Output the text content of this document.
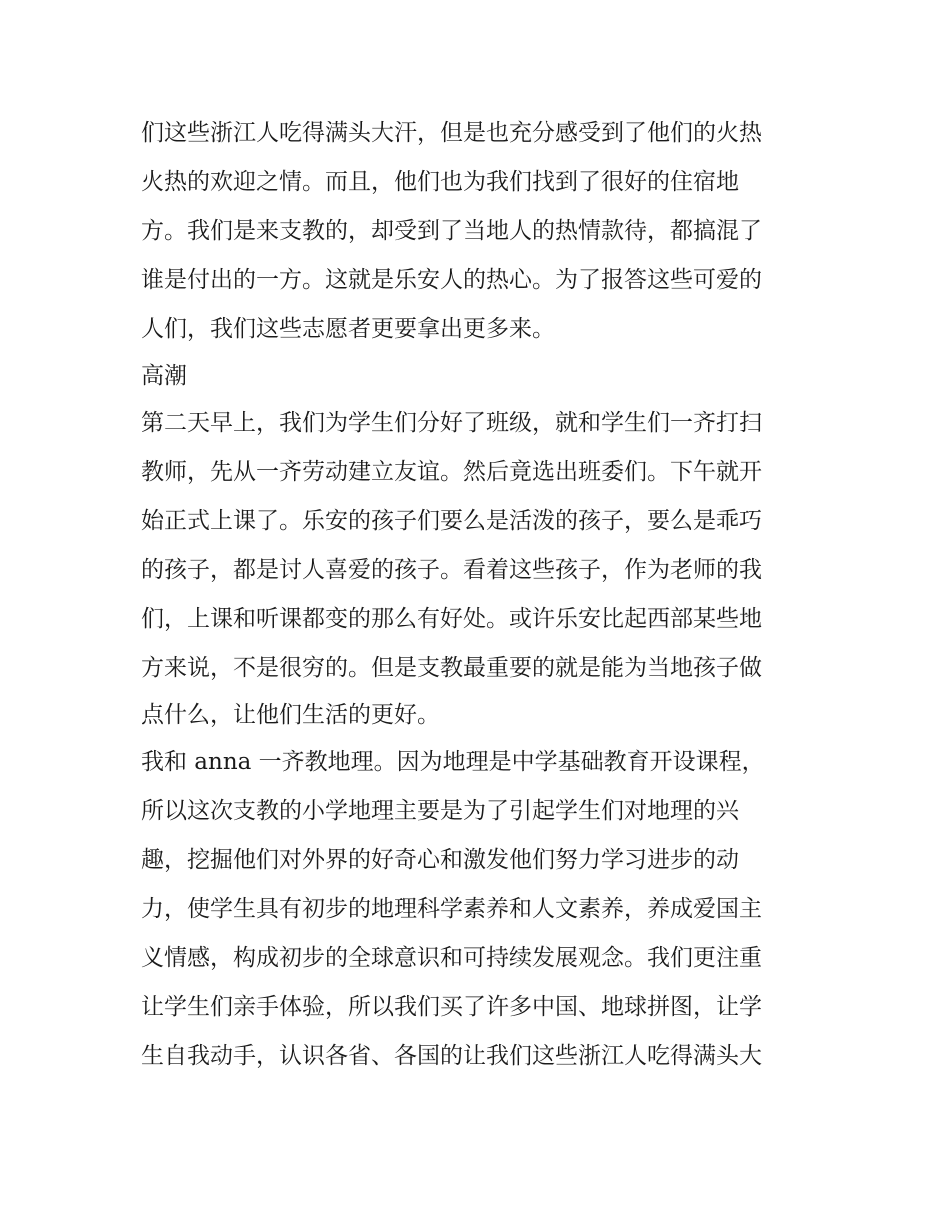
们这些浙江人吃得满头大汗，但是也充分感受到了他们的火热
火热的欢迎之情。而且，他们也为我们找到了很好的住宿地
方。我们是来支教的，却受到了当地人的热情款待，都搞混了
谁是付出的一方。这就是乐安人的热心。为了报答这些可爱的
人们，我们这些志愿者更要拿出更多来。
高潮
第二天早上，我们为学生们分好了班级，就和学生们一齐打扫
教师，先从一齐劳动建立友谊。然后竟选出班委们。下午就开
始正式上课了。乐安的孩子们要么是活泼的孩子，要么是乖巧
的孩子，都是讨人喜爱的孩子。看着这些孩子，作为老师的我
们，上课和听课都变的那么有好处。或许乐安比起西部某些地
方来说，不是很穷的。但是支教最重要的就是能为当地孩子做
点什么，让他们生活的更好。
我和 anna 一齐教地理。因为地理是中学基础教育开设课程，
所以这次支教的小学地理主要是为了引起学生们对地理的兴
趣，挖掘他们对外界的好奇心和激发他们努力学习进步的动
力，使学生具有初步的地理科学素养和人文素养，养成爱国主
义情感，构成初步的全球意识和可持续发展观念。我们更注重
让学生们亲手体验，所以我们买了许多中国、地球拼图，让学
生自我动手，认识各省、各国的让我们这些浙江人吃得满头大
